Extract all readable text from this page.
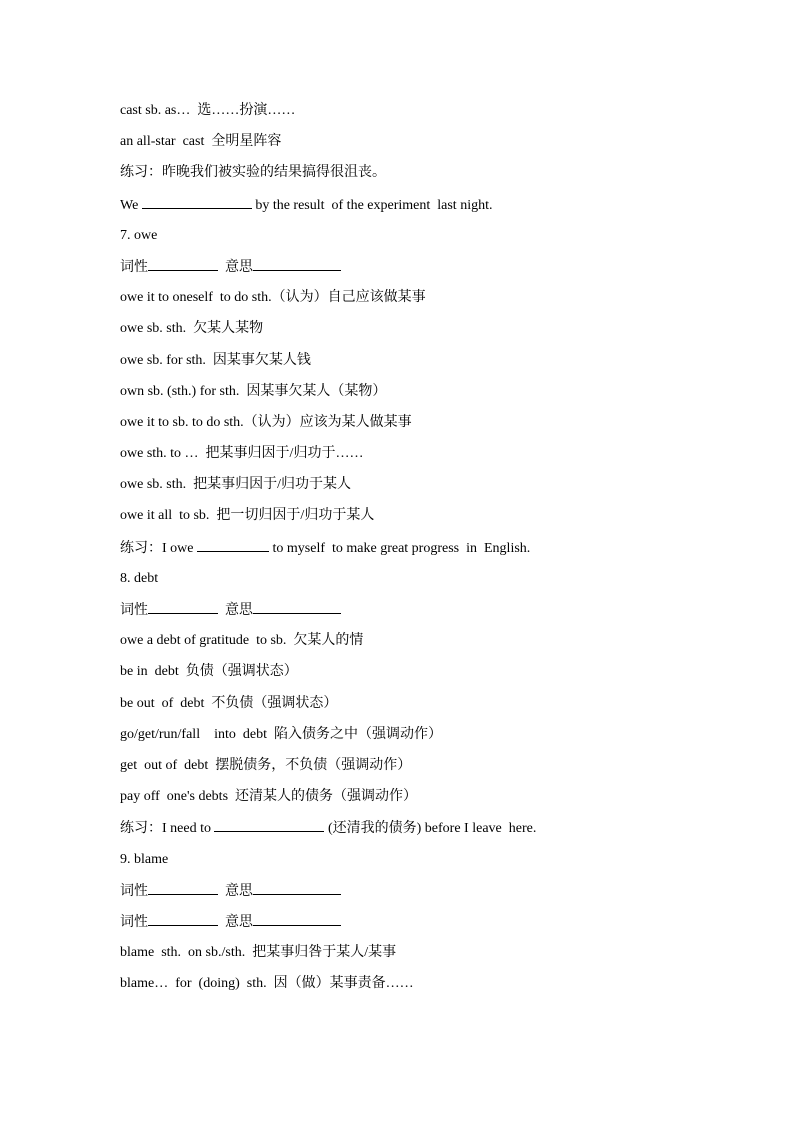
cast sb. as…  选……扮演……
an all-star  cast  全明星阵容
练习：昨晚我们被实验的结果搞得很沮丧。
We	by the result  of the experiment  last night.
7. owe
词性	意思
owe it to oneself  to do sth.（认为）自己应该做某事
owe sb. sth.  欠某人某物
owe sb. for sth.  因某事欠某人钱
own sb. (sth.) for sth.  因某事欠某人（某物）
owe it to sb. to do sth.（认为）应该为某人做某事
owe sth. to …  把某事归因于/归功于……
owe sb. sth.  把某事归因于/归功于某人
owe it all  to sb.  把一切归因于/归功于某人
练习：I owe	to myself  to make great progress  in  English.
8. debt
词性	意思
owe a debt of gratitude  to sb.  欠某人的情
be in  debt  负债（强调状态）
be out  of  debt  不负债（强调状态）
go/get/run/fall    into  debt  陷入债务之中（强调动作）
get  out of  debt  摆脱债务，不负债（强调动作）
pay off  one's debts  还清某人的债务（强调动作）
练习：I need to	(还清我的债务) before I leave  here.
9. blame
词性	意思
词性	意思
blame  sth.  on sb./sth.  把某事归咎于某人/某事
blame…  for  (doing)  sth.  因（做）某事责备……
